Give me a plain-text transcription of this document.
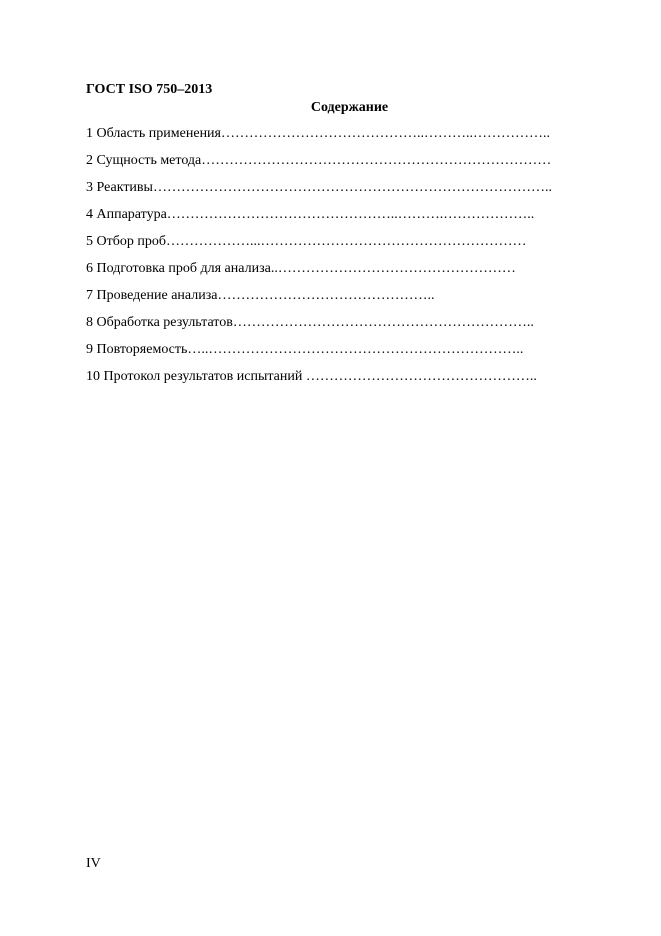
ГОСТ ISO 750–2013
Содержание
1 Область применения……………………………………..………..……………..
2 Сущность метода…………………………………………………………………
3 Реактивы…………………………………………………………………………..
4 Аппаратура…………………………………………..……….………………..
5 Отбор проб………………...…………………………………………………
6 Подготовка проб для анализа..……………………………………………
7 Проведение анализа………………………………………..
8 Обработка результатов………………………………………………………..
9 Повторяемость…..…………………………………………………………..
10 Протокол результатов испытаний …………………………………………..
IV
